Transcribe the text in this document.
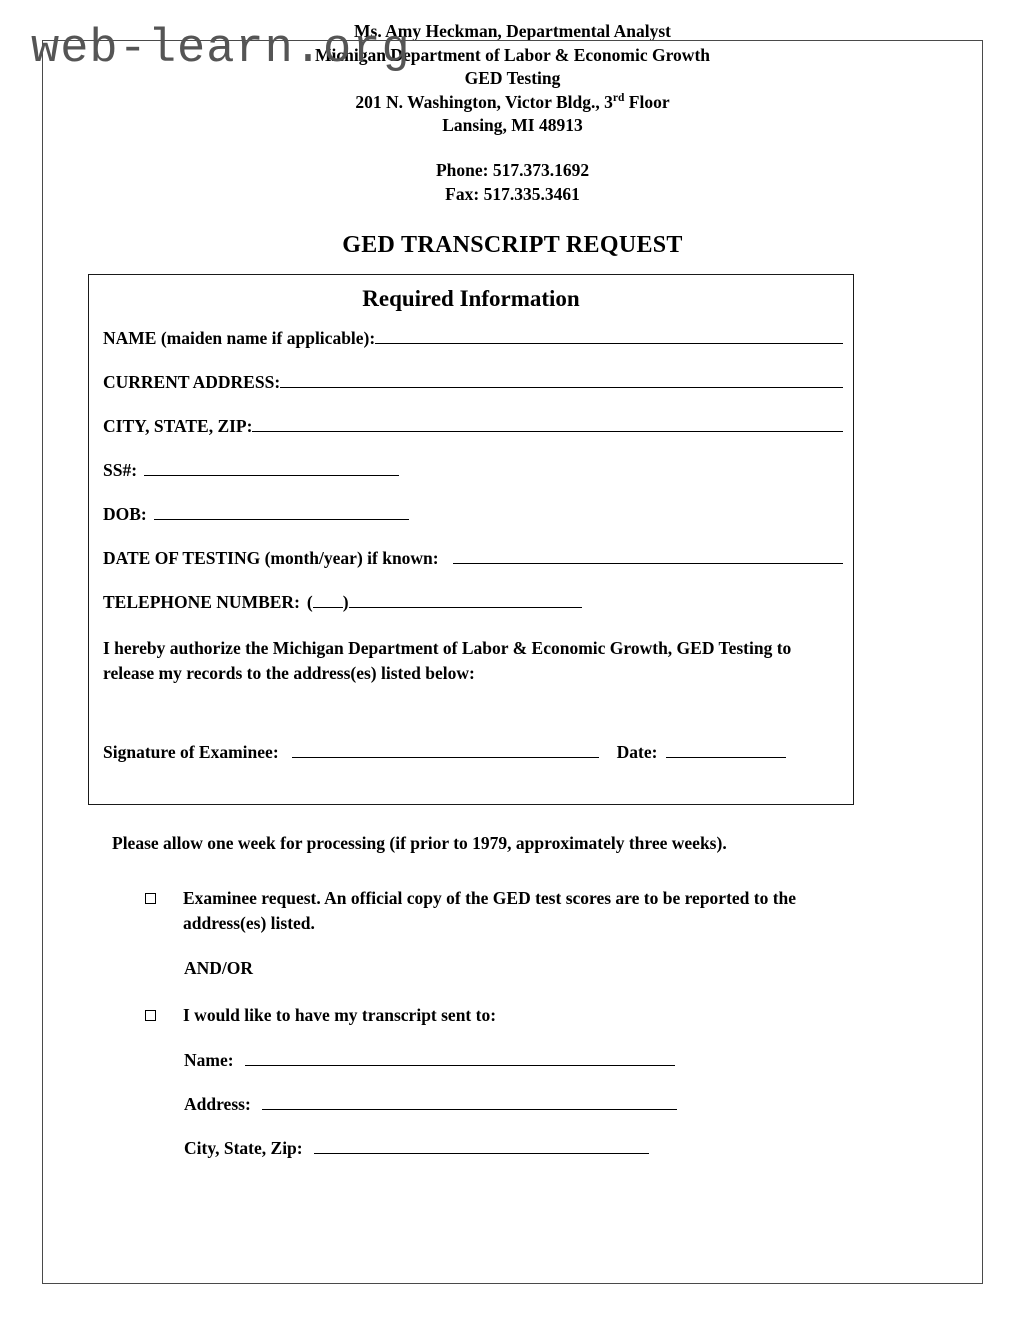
web-learn.org
Ms. Amy Heckman, Departmental Analyst
Michigan Department of Labor & Economic Growth
GED Testing
201 N. Washington, Victor Bldg., 3rd Floor
Lansing, MI 48913
Phone: 517.373.1692
Fax: 517.335.3461
GED TRANSCRIPT REQUEST
Required Information
NAME (maiden name if applicable):
CURRENT ADDRESS:
CITY, STATE, ZIP:
SS#:
DOB:
DATE OF TESTING (month/year) if known:
TELEPHONE NUMBER: ( )

I hereby authorize the Michigan Department of Labor & Economic Growth, GED Testing to release my records to the address(es) listed below:

Signature of Examinee:	Date:
Please allow one week for processing (if prior to 1979, approximately three weeks).
Examinee request. An official copy of the GED test scores are to be reported to the address(es) listed.
AND/OR
I would like to have my transcript sent to:
Name:
Address:
City, State, Zip:
